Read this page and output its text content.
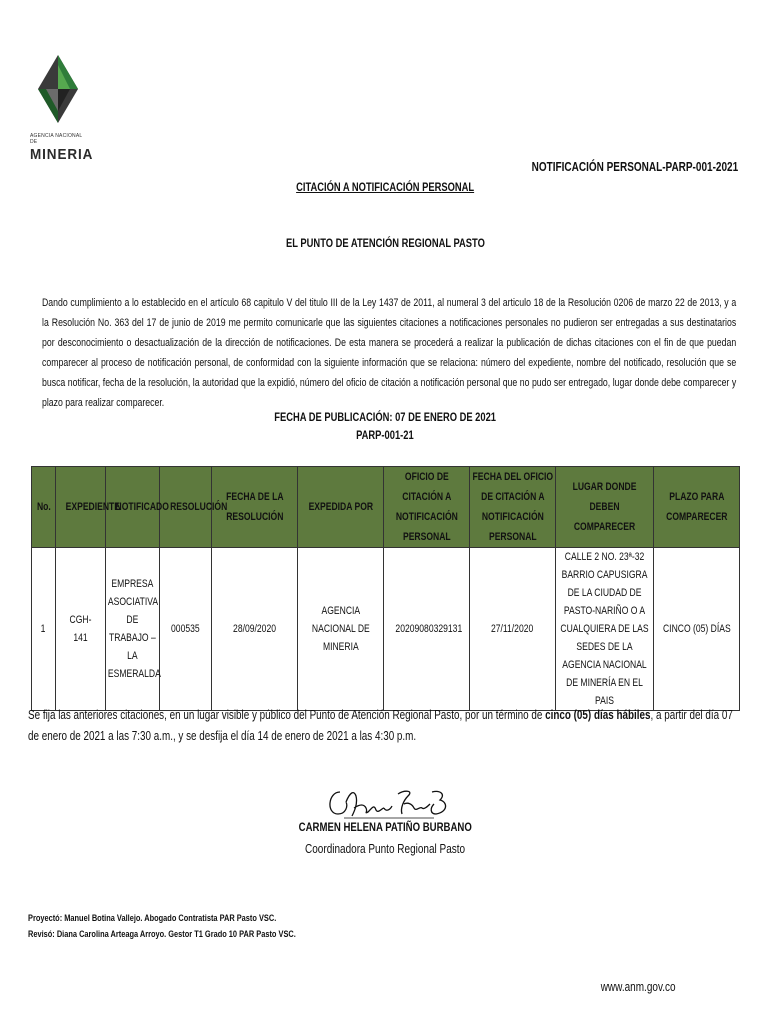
AGENCIA NACIONAL DE
MINERIA
NOTIFICACIÓN PERSONAL-PARP-001-2021
CITACIÓN A NOTIFICACIÓN PERSONAL
EL PUNTO DE ATENCIÓN REGIONAL PASTO
Dando cumplimiento a lo establecido en el artículo 68 capitulo V del titulo III de la Ley 1437 de 2011, al numeral 3 del articulo 18 de la Resolución 0206 de marzo 22 de 2013, y a la Resolución No. 363 del 17 de junio de 2019 me permito comunicarle que las siguientes citaciones a notificaciones personales no pudieron ser entregadas a sus destinatarios por desconocimiento o desactualización de la dirección de notificaciones. De esta manera se procederá a realizar la publicación de dichas citaciones con el fin de que puedan comparecer al proceso de notificación personal, de conformidad con la siguiente información que se relaciona: número del expediente, nombre del notificado, resolución que se busca notificar, fecha de la resolución, la autoridad que la expidió, número del oficio de citación a notificación personal que no pudo ser entregado, lugar donde debe comparecer y plazo para realizar comparecer.
FECHA DE PUBLICACIÓN: 07 DE ENERO DE 2021
PARP-001-21
No.	EXPEDIENTE	NOTIFICADO	RESOLUCIÓN	FECHA DE LA RESOLUCIÓN	EXPEDIDA POR	OFICIO DE CITACIÓN A NOTIFICACIÓN PERSONAL	FECHA DEL OFICIO DE CITACIÓN A NOTIFICACIÓN PERSONAL	LUGAR DONDE DEBEN COMPARECER	PLAZO PARA COMPARECER

1	CGH-141	EMPRESA ASOCIATIVA DE TRABAJO – LA ESMERALDA	000535	28/09/2020	AGENCIA NACIONAL DE MINERIA	20209080329131	27/11/2020	CALLE 2 NO. 23ª-32 BARRIO CAPUSIGRA DE LA CIUDAD DE PASTO-NARIÑO O A CUALQUIERA DE LAS SEDES DE LA AGENCIA NACIONAL DE MINERÍA EN EL PAIS	CINCO (05) DÍAS
Se fija las anteriores citaciones, en un lugar visible y público del Punto de Atención Regional Pasto, por un término de cinco (05) días hábiles, a partir del día 07 de enero de 2021 a las 7:30 a.m., y se desfija el día 14 de enero de 2021 a las 4:30 p.m.
CARMEN HELENA PATIÑO BURBANO
Coordinadora Punto Regional Pasto
Proyectó: Manuel Botina Vallejo. Abogado Contratista PAR Pasto VSC.
Revisó: Diana Carolina Arteaga Arroyo. Gestor T1 Grado 10 PAR Pasto VSC.
www.anm.gov.co
